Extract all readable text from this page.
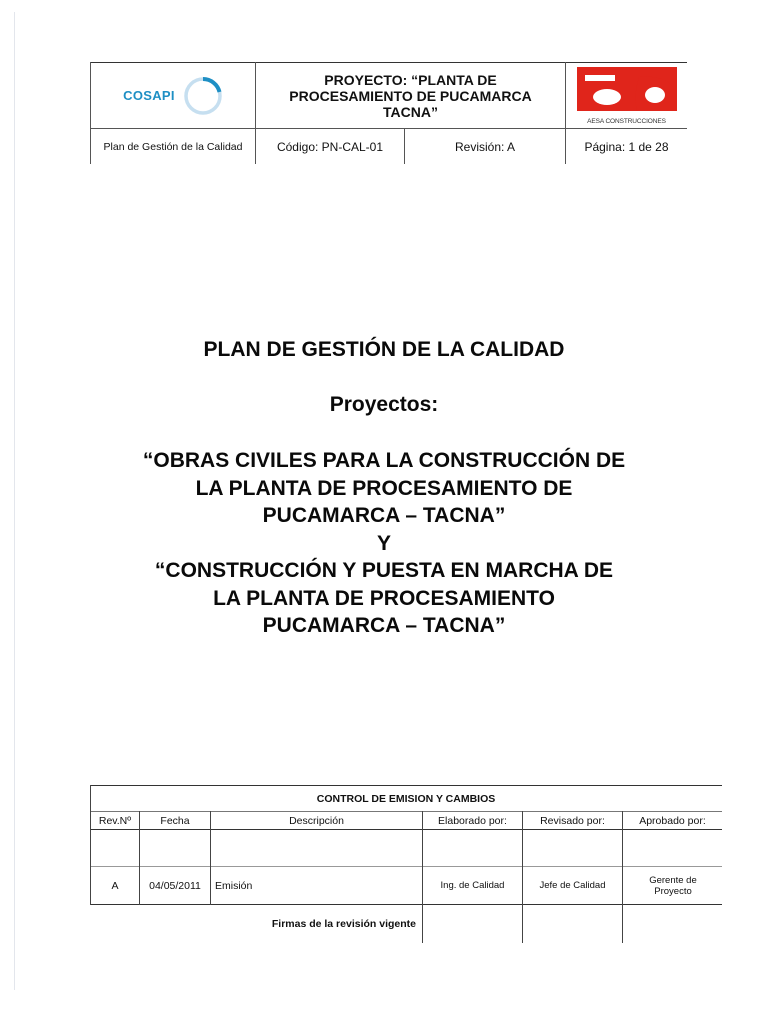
COSAPI
PROYECTO: “PLANTA DE
PROCESAMIENTO DE PUCAMARCA
TACNA”
AESA CONSTRUCCIONES
Plan de Gestión de la Calidad	Código: PN-CAL-01	Revisión: A	Página: 1 de 28
PLAN DE GESTIÓN DE LA CALIDAD
Proyectos:
“OBRAS CIVILES PARA LA CONSTRUCCIÓN DE
LA PLANTA DE PROCESAMIENTO DE
PUCAMARCA – TACNA”
Y
“CONSTRUCCIÓN Y PUESTA EN MARCHA DE
LA PLANTA DE PROCESAMIENTO
PUCAMARCA – TACNA”
CONTROL DE EMISION Y CAMBIOS
Rev.Nº	Fecha	Descripción	Elaborado por:	Revisado por:	Aprobado por:
A	04/05/2011	Emisión	Ing. de Calidad	Jefe de Calidad	Gerente de Proyecto
Firmas de la revisión vigente
